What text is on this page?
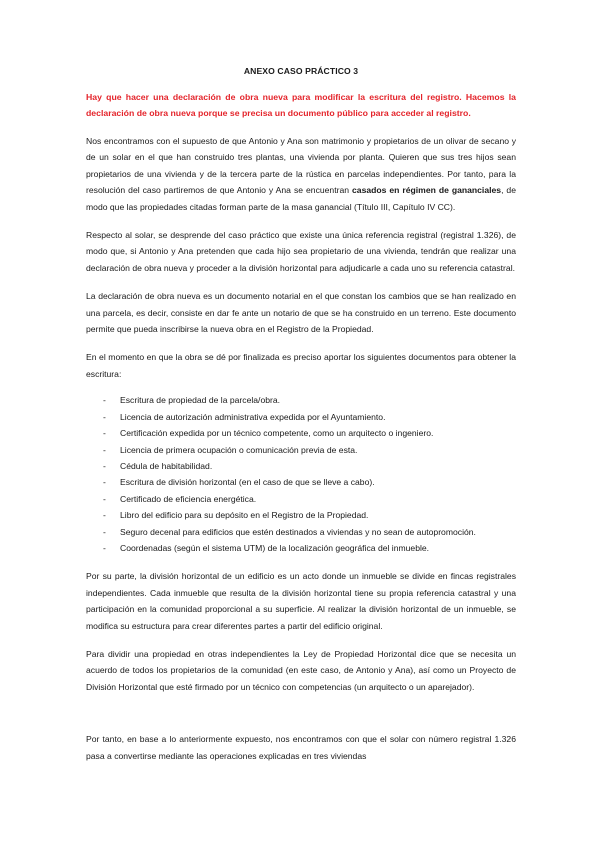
ANEXO CASO PRÁCTICO 3

Hay que hacer una declaración de obra nueva para modificar la escritura del registro. Hacemos la declaración de obra nueva porque se precisa un documento público para acceder al registro.

Nos encontramos con el supuesto de que Antonio y Ana son matrimonio y propietarios de un olivar de secano y de un solar en el que han construido tres plantas, una vivienda por planta. Quieren que sus tres hijos sean propietarios de una vivienda y de la tercera parte de la rústica en parcelas independientes. Por tanto, para la resolución del caso partiremos de que Antonio y Ana se encuentran casados en régimen de gananciales, de modo que las propiedades citadas forman parte de la masa ganancial (Título III, Capítulo IV CC).

Respecto al solar, se desprende del caso práctico que existe una única referencia registral (registral 1.326), de modo que, si Antonio y Ana pretenden que cada hijo sea propietario de una vivienda, tendrán que realizar una declaración de obra nueva y proceder a la división horizontal para adjudicarle a cada uno su referencia catastral.

La declaración de obra nueva es un documento notarial en el que constan los cambios que se han realizado en una parcela, es decir, consiste en dar fe ante un notario de que se ha construido en un terreno. Este documento permite que pueda inscribirse la nueva obra en el Registro de la Propiedad.

En el momento en que la obra se dé por finalizada es preciso aportar los siguientes documentos para obtener la escritura:

- Escritura de propiedad de la parcela/obra.
- Licencia de autorización administrativa expedida por el Ayuntamiento.
- Certificación expedida por un técnico competente, como un arquitecto o ingeniero.
- Licencia de primera ocupación o comunicación previa de esta.
- Cédula de habitabilidad.
- Escritura de división horizontal (en el caso de que se lleve a cabo).
- Certificado de eficiencia energética.
- Libro del edificio para su depósito en el Registro de la Propiedad.
- Seguro decenal para edificios que estén destinados a viviendas y no sean de autopromoción.
- Coordenadas (según el sistema UTM) de la localización geográfica del inmueble.

Por su parte, la división horizontal de un edificio es un acto donde un inmueble se divide en fincas registrales independientes. Cada inmueble que resulta de la división horizontal tiene su propia referencia catastral y una participación en la comunidad proporcional a su superficie. Al realizar la división horizontal de un inmueble, se modifica su estructura para crear diferentes partes a partir del edificio original.

Para dividir una propiedad en otras independientes la Ley de Propiedad Horizontal dice que se necesita un acuerdo de todos los propietarios de la comunidad (en este caso, de Antonio y Ana), así como un Proyecto de División Horizontal que esté firmado por un técnico con competencias (un arquitecto o un aparejador).

Por tanto, en base a lo anteriormente expuesto, nos encontramos con que el solar con número registral 1.326 pasa a convertirse mediante las operaciones explicadas en tres viviendas
